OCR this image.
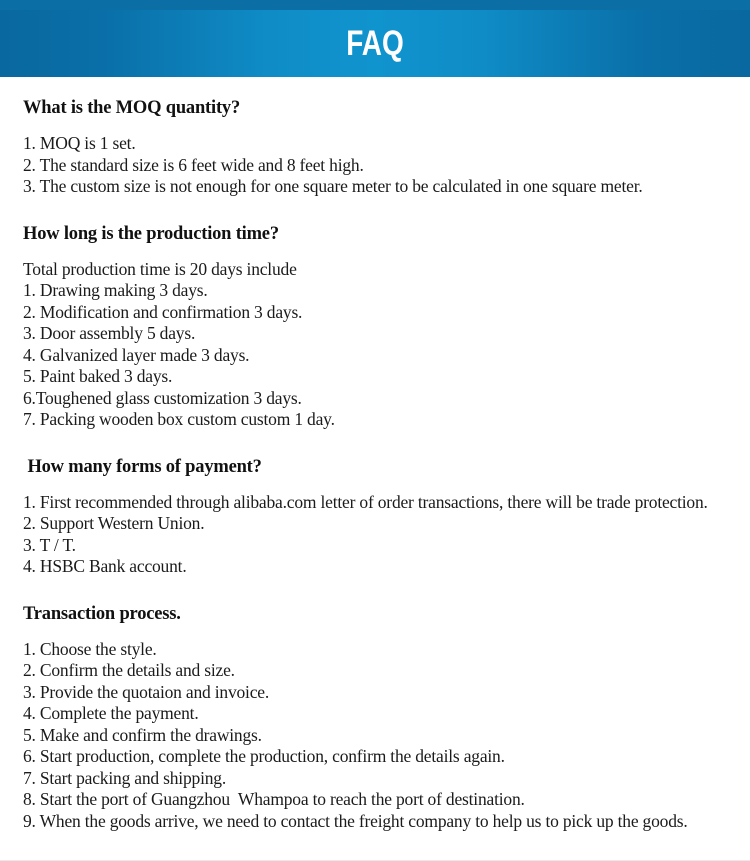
FAQ
What is the MOQ quantity?

1. MOQ is 1 set.

2. The standard size is 6 feet wide and 8 feet high.

3. The custom size is not enough for one square meter to be calculated in one square meter.

How long is the production time?

Total production time is 20 days include

1. Drawing making 3 days.

2. Modification and confirmation 3 days.

3. Door assembly 5 days.

4. Galvanized layer made 3 days.

5. Paint baked 3 days.

6.Toughened glass customization 3 days.

7. Packing wooden box custom custom 1 day.

How many forms of payment?

1. First recommended through alibaba.com letter of order transactions, there will be trade protection.

2. Support Western Union.

3. T / T.

4. HSBC Bank account.

Transaction process.

1. Choose the style.

2. Confirm the details and size.

3. Provide the quotaion and invoice.

4. Complete the payment.

5. Make and confirm the drawings.

6. Start production, complete the production, confirm the details again.

7. Start packing and shipping.

8. Start the port of Guangzhou  Whampoa to reach the port of destination.

9. When the goods arrive, we need to contact the freight company to help us to pick up the goods.
